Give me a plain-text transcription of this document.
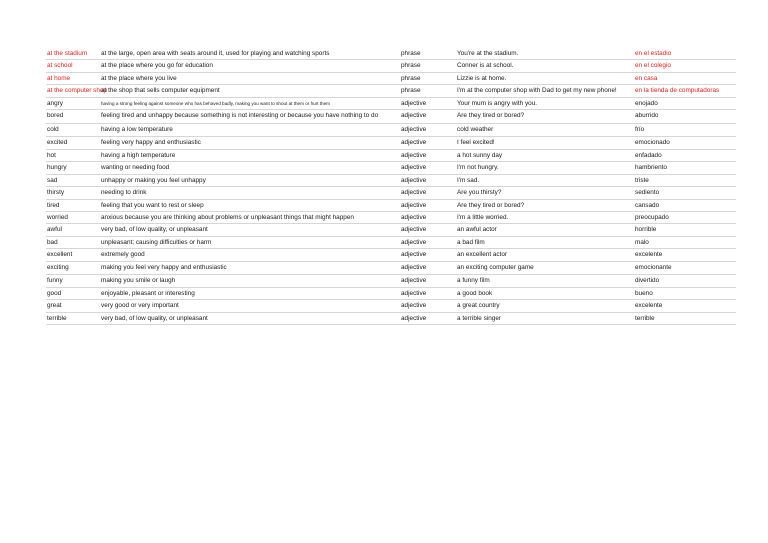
at the stadium	at the large, open area with seats around it, used for playing and watching sports	phrase	You're at the stadium.	en el estadio
at school	at the place where you go for education	phrase	Conner is at school.	en el colegio
at home	at the place where you live	phrase	Lizzie is at home.	en casa
at the computer shop	at the shop that sells computer equipment	phrase	I'm at the computer shop with Dad to get my new phone!	en la tienda de computadoras
angry	having a strong feeling against someone who has behaved badly, making you want to shout at them or hurt them	adjective	Your mum is angry with you.	enojado
bored	feeling tired and unhappy because something is not interesting or because you have nothing to do	adjective	Are they tired or bored?	aburrido
cold	having a low temperature	adjective	cold weather	frío
excited	feeling very happy and enthusiastic	adjective	I feel excited!	emocionado
hot	having a high temperature	adjective	a hot sunny day	enfadado
hungry	wanting or needing food	adjective	I'm not hungry.	hambriento
sad	unhappy or making you feel unhappy	adjective	I'm sad.	triste
thirsty	needing to drink	adjective	Are you thirsty?	sediento
tired	feeling that you want to rest or sleep	adjective	Are they tired or bored?	cansado
worried	anxious because you are thinking about problems or unpleasant things that might happen	adjective	I'm a little worried.	preocupado
awful	very bad, of low quality, or unpleasant	adjective	an awful actor	horrible
bad	unpleasant; causing difficulties or harm	adjective	a bad film	malo
excellent	extremely good	adjective	an excellent actor	excelente
exciting	making you feel very happy and enthusiastic	adjective	an exciting computer game	emocionante
funny	making you smile or laugh	adjective	a funny film	divertido
good	enjoyable, pleasant or interesting	adjective	a good book	bueno
great	very good or very important	adjective	a great country	excelente
terrible	very bad, of low quality, or unpleasant	adjective	a terrible singer	terrible
